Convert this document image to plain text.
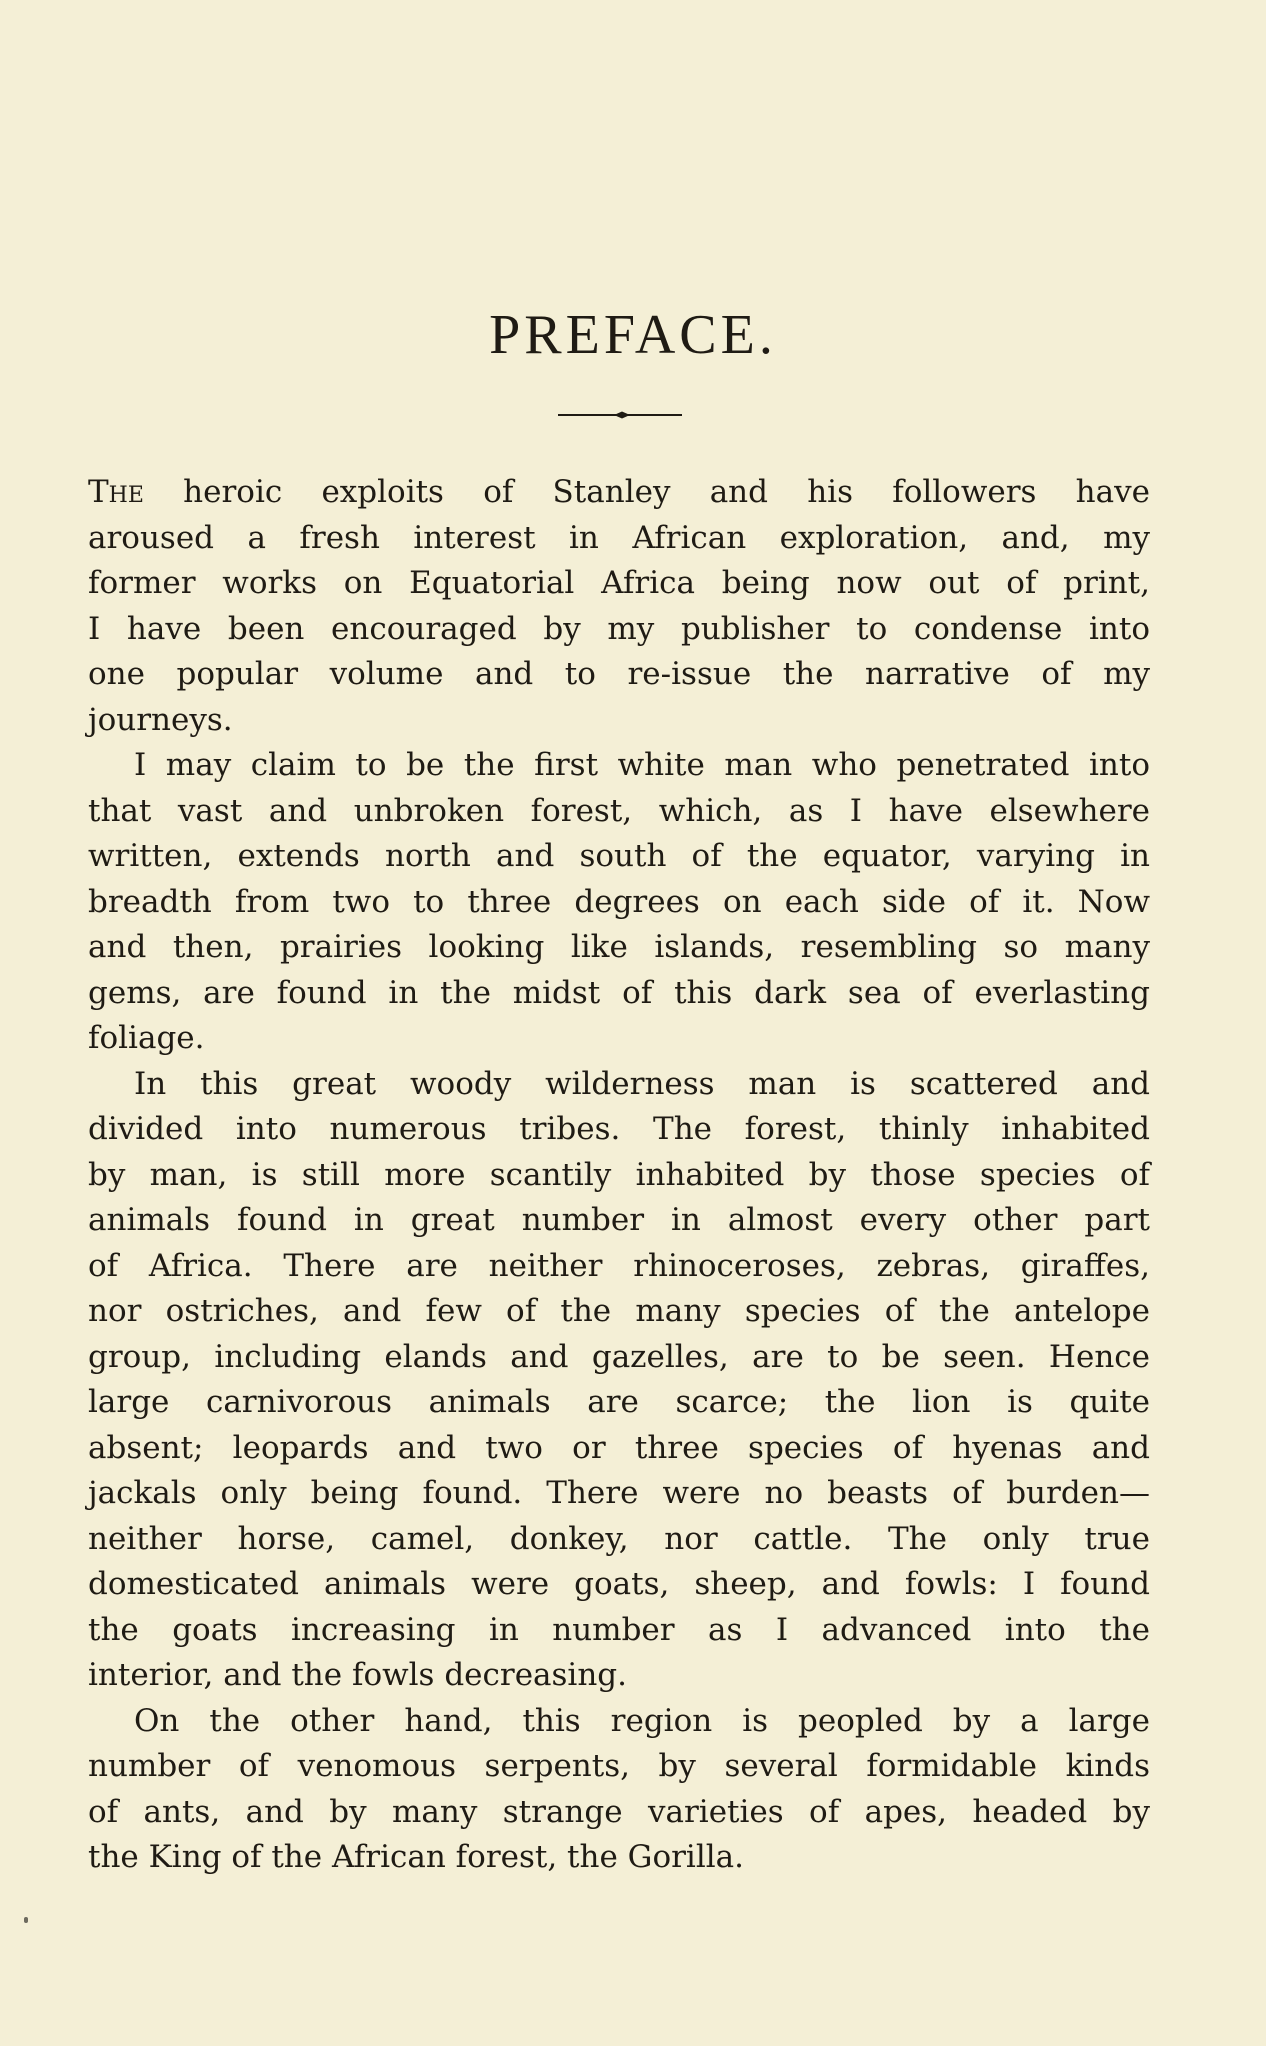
PREFACE.
The heroic exploits of Stanley and his followers have
aroused a fresh interest in African exploration, and, my
former works on Equatorial Africa being now out of print,
I have been encouraged by my publisher to condense into
one popular volume and to re-issue the narrative of my
journeys.
I may claim to be the first white man who penetrated into
that vast and unbroken forest, which, as I have elsewhere
written, extends north and south of the equator, varying in
breadth from two to three degrees on each side of it. Now
and then, prairies looking like islands, resembling so many
gems, are found in the midst of this dark sea of everlasting
foliage.
In this great woody wilderness man is scattered and
divided into numerous tribes. The forest, thinly inhabited
by man, is still more scantily inhabited by those species of
animals found in great number in almost every other part
of Africa. There are neither rhinoceroses, zebras, giraffes,
nor ostriches, and few of the many species of the antelope
group, including elands and gazelles, are to be seen. Hence
large carnivorous animals are scarce; the lion is quite
absent; leopards and two or three species of hyenas and
jackals only being found. There were no beasts of burden—
neither horse, camel, donkey, nor cattle. The only true
domesticated animals were goats, sheep, and fowls: I found
the goats increasing in number as I advanced into the
interior, and the fowls decreasing.
On the other hand, this region is peopled by a large
number of venomous serpents, by several formidable kinds
of ants, and by many strange varieties of apes, headed by
the King of the African forest, the Gorilla.
